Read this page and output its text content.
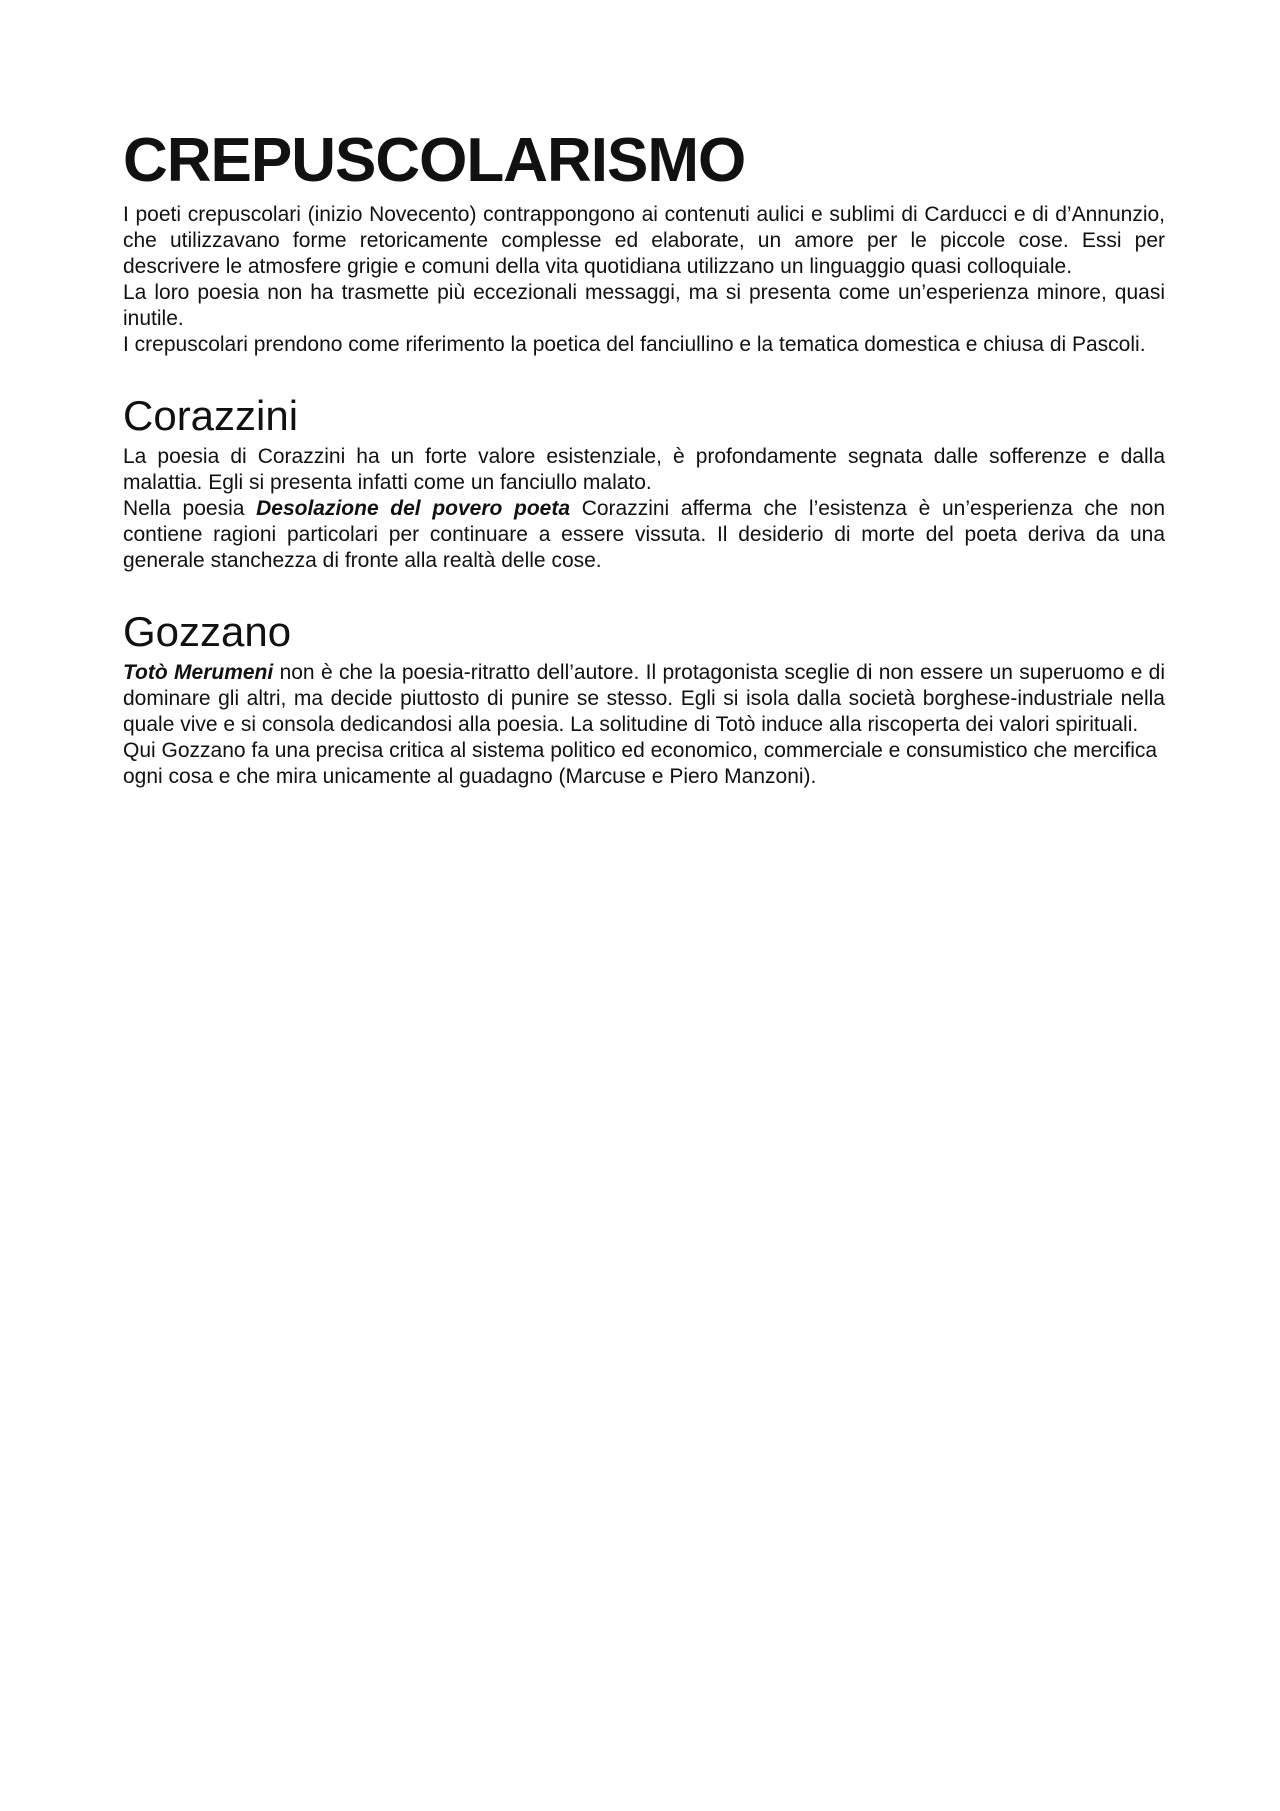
CREPUSCOLARISMO

I poeti crepuscolari (inizio Novecento) contrappongono ai contenuti aulici e sublimi di Carducci e di d’Annunzio, che utilizzavano forme retoricamente complesse ed elaborate, un amore per le piccole cose. Essi per descrivere le atmosfere grigie e comuni della vita quotidiana utilizzano un linguaggio quasi colloquiale.

La loro poesia non ha trasmette più eccezionali messaggi, ma si presenta come un’esperienza minore, quasi inutile.

I crepuscolari prendono come riferimento la poetica del fanciullino e la tematica domestica e chiusa di Pascoli.

Corazzini

La poesia di Corazzini ha un forte valore esistenziale, è profondamente segnata dalle sofferenze e dalla malattia. Egli si presenta infatti come un fanciullo malato.

Nella poesia Desolazione del povero poeta Corazzini afferma che l’esistenza è un’esperienza che non contiene ragioni particolari per continuare a essere vissuta. Il desiderio di morte del poeta deriva da una generale stanchezza di fronte alla realtà delle cose.

Gozzano

Totò Merumeni non è che la poesia-ritratto dell’autore. Il protagonista sceglie di non essere un superuomo e di dominare gli altri, ma decide piuttosto di punire se stesso. Egli si isola dalla società borghese-industriale nella quale vive e si consola dedicandosi alla poesia. La solitudine di Totò induce alla riscoperta dei valori spirituali.

Qui Gozzano fa una precisa critica al sistema politico ed economico, commerciale e consumistico che mercifica ogni cosa e che mira unicamente al guadagno (Marcuse e Piero Manzoni).
